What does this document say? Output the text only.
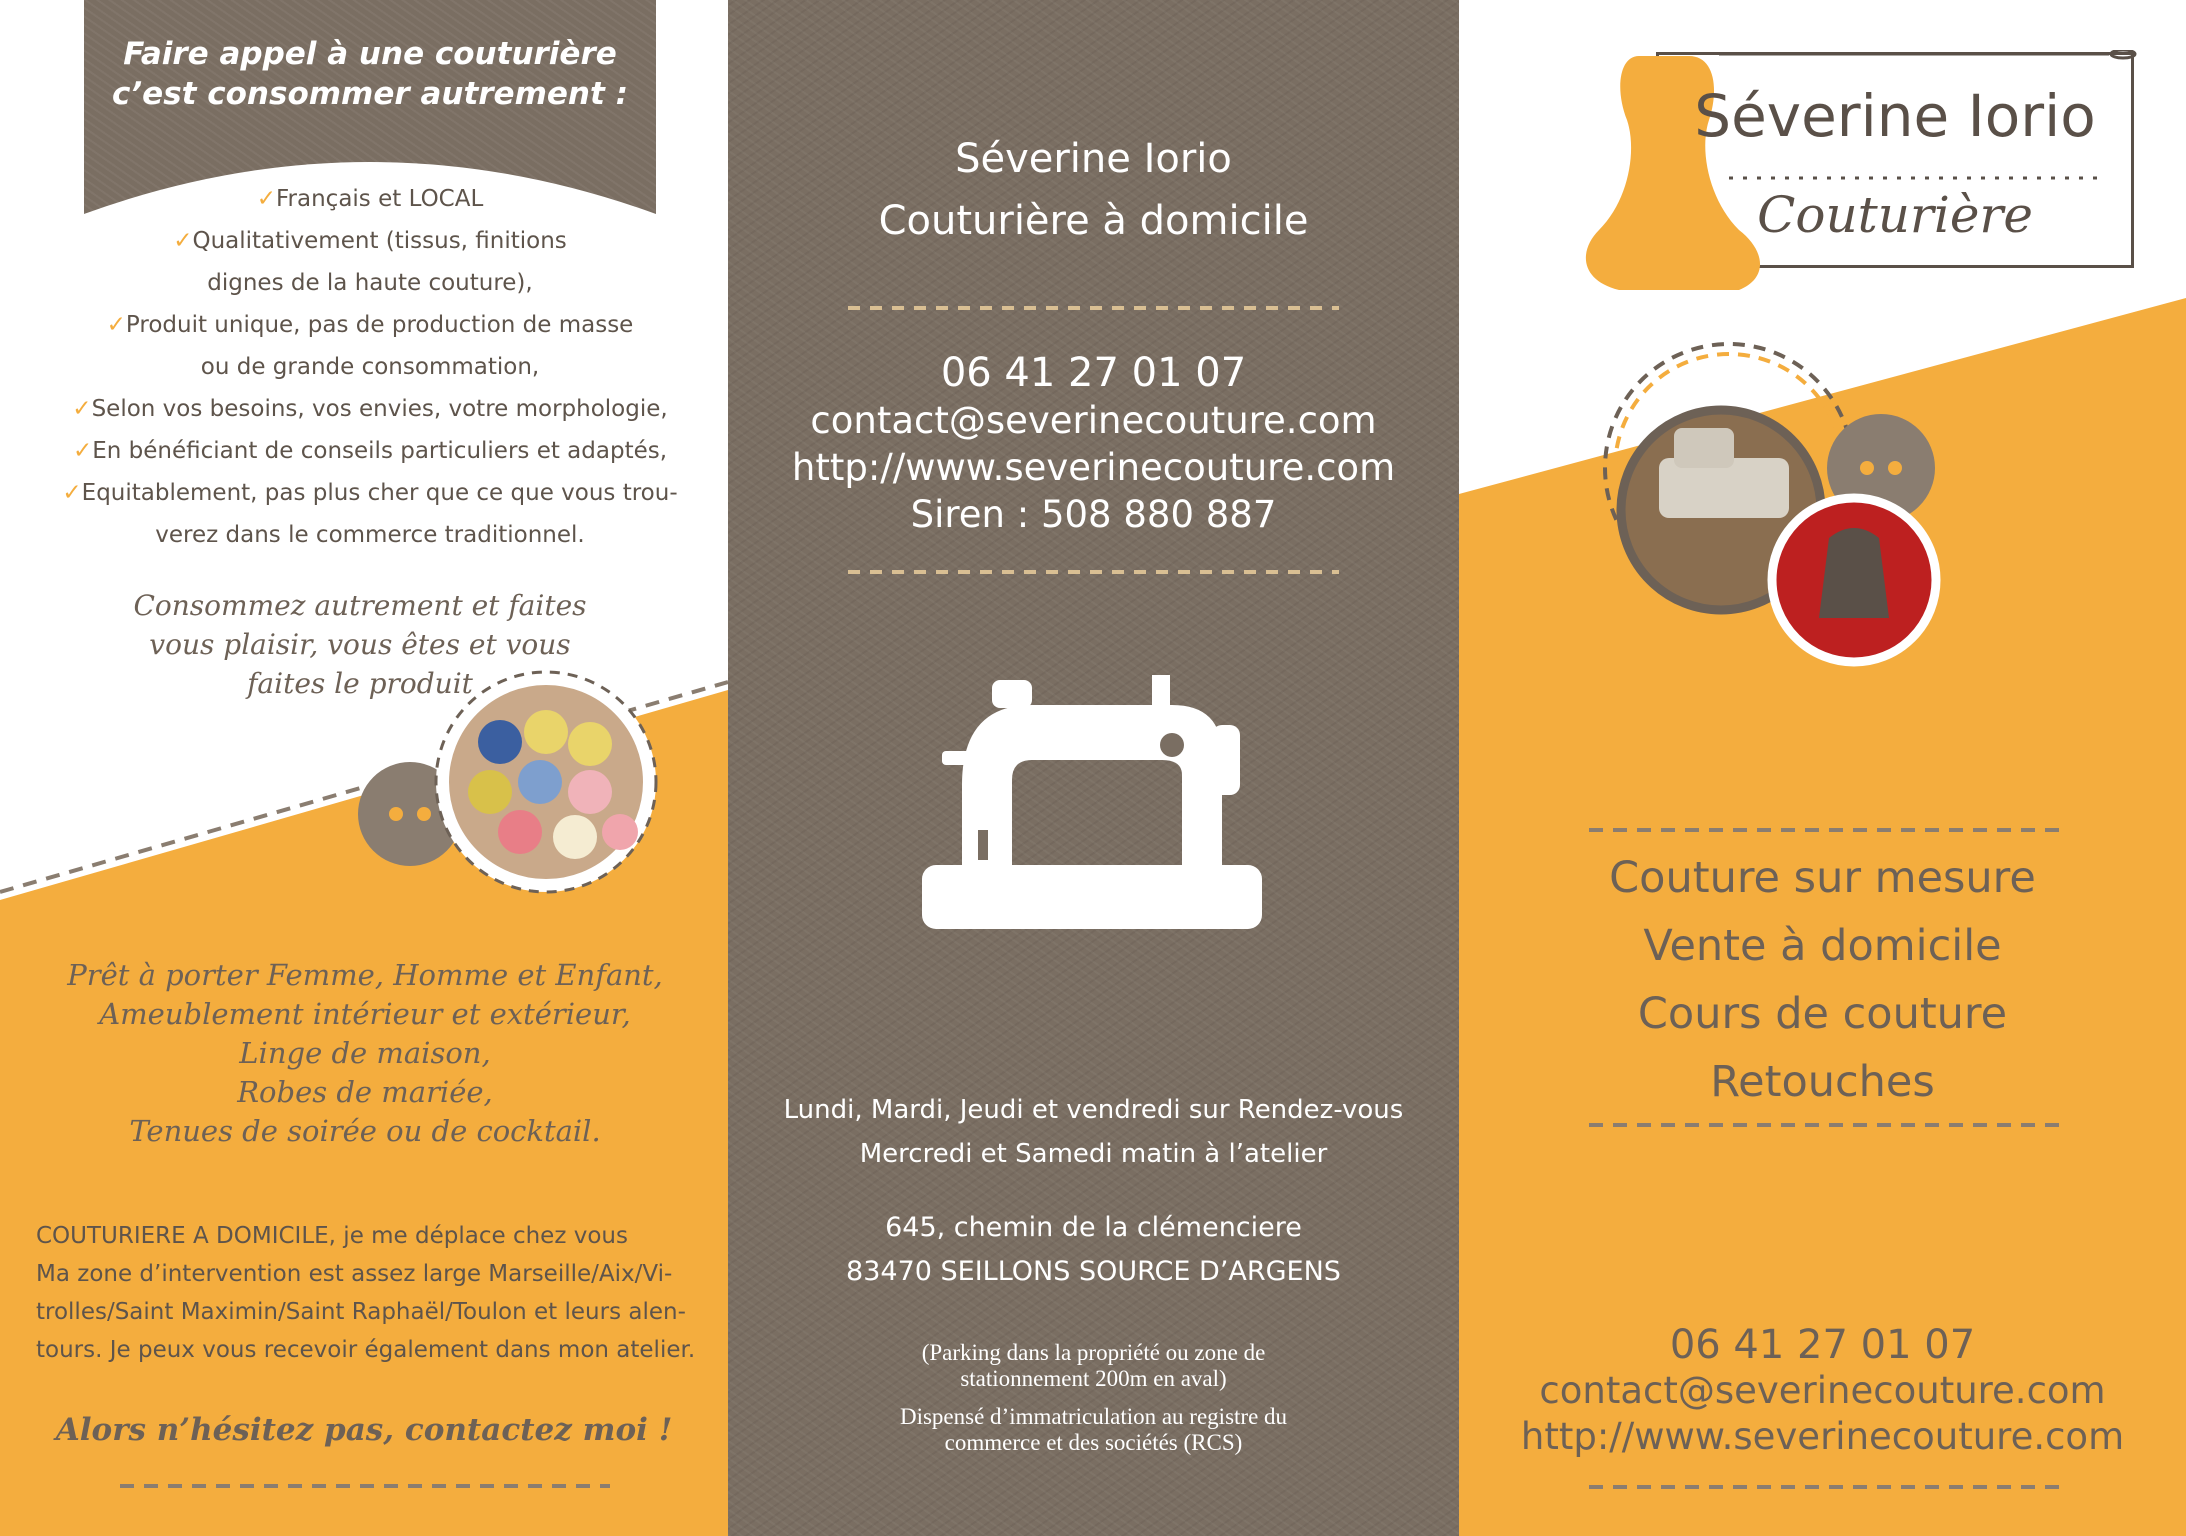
Faire appel à une couturière
c’est consommer autrement :
✓Français et LOCAL
✓Qualitativement (tissus, finitions
dignes de la haute couture),
✓Produit unique, pas de production de masse
ou de grande consommation,
✓Selon vos besoins, vos envies, votre morphologie,
✓En bénéficiant de conseils particuliers et adaptés,
✓Equitablement, pas plus cher que ce que vous trou-
verez dans le commerce traditionnel.
Consommez autrement et faites
vous plaisir, vous êtes et vous
faites le produit
Prêt à porter Femme, Homme et Enfant,
Ameublement intérieur et extérieur,
Linge de maison,
Robes de mariée,
Tenues de soirée ou de cocktail.
COUTURIERE A DOMICILE, je me déplace chez vous
Ma zone d’intervention est assez large Marseille/Aix/Vi-
trolles/Saint Maximin/Saint Raphaël/Toulon et leurs alen-
tours. Je peux vous recevoir également dans mon atelier.
Alors n’hésitez pas, contactez moi !
Séverine Iorio
Couturière à domicile
06 41 27 01 07
contact@severinecouture.com
http://www.severinecouture.com
Siren : 508 880 887
Lundi, Mardi, Jeudi et vendredi sur Rendez-vous
Mercredi et Samedi matin à l’atelier
645, chemin de la clémenciere
83470 SEILLONS SOURCE D’ARGENS
(Parking dans la propriété ou zone de
stationnement 200m en aval)
Dispensé d’immatriculation au registre du
commerce et des sociétés (RCS)
Séverine Iorio
Couturière
Couture sur mesure
Vente à domicile
Cours de couture
Retouches
06 41 27 01 07
contact@severinecouture.com
http://www.severinecouture.com
